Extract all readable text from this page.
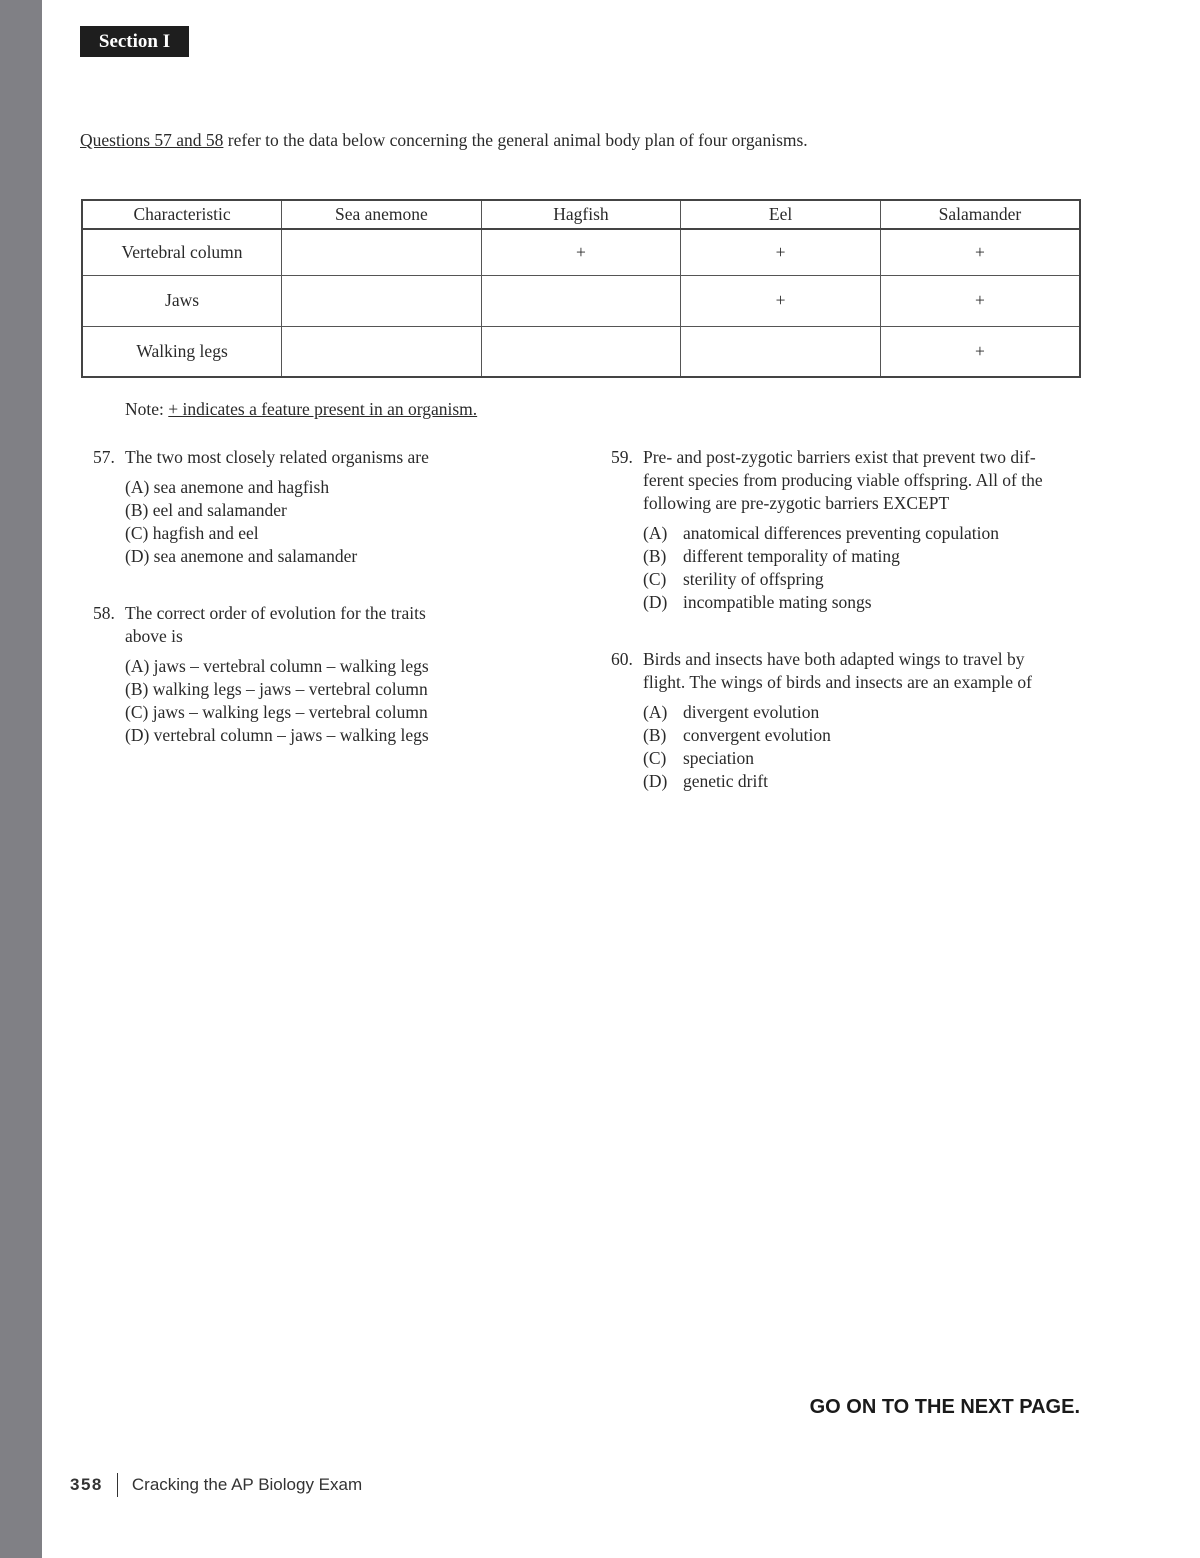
Section I
Questions 57 and 58 refer to the data below concerning the general animal body plan of four organisms.
Characteristic	Sea anemone	Hagfish	Eel	Salamander
Vertebral column		+	+	+
Jaws			+	+
Walking legs				+
Note: + indicates a feature present in an organism.
57. The two most closely related organisms are
(A) sea anemone and hagfish
(B) eel and salamander
(C) hagfish and eel
(D) sea anemone and salamander
58. The correct order of evolution for the traits
above is
(A) jaws – vertebral column – walking legs
(B) walking legs – jaws – vertebral column
(C) jaws – walking legs – vertebral column
(D) vertebral column – jaws – walking legs
59. Pre- and post-zygotic barriers exist that prevent two dif-
ferent species from producing viable offspring. All of the
following are pre-zygotic barriers EXCEPT
(A) anatomical differences preventing copulation
(B) different temporality of mating
(C) sterility of offspring
(D) incompatible mating songs
60. Birds and insects have both adapted wings to travel by
flight. The wings of birds and insects are an example of
(A) divergent evolution
(B) convergent evolution
(C) speciation
(D) genetic drift
GO ON TO THE NEXT PAGE.
358 Cracking the AP Biology Exam
